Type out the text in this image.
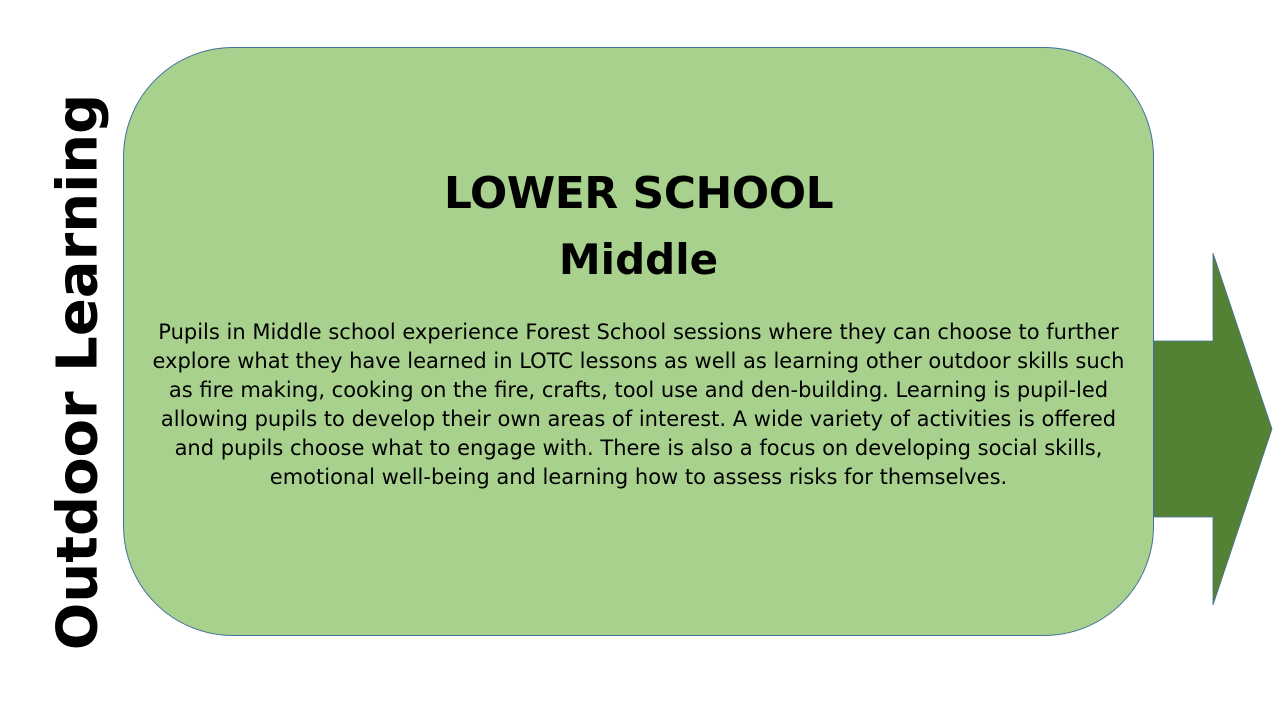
Outdoor Learning	LOWER SCHOOL
Middle
Pupils in Middle school experience Forest School sessions where they can choose to further explore what they have learned in LOTC lessons as well as learning other outdoor skills such as fire making, cooking on the fire, crafts, tool use and den-building. Learning is pupil-led allowing pupils to develop their own areas of interest. A wide variety of activities is offered and pupils choose what to engage with. There is also a focus on developing social skills, emotional well-being and learning how to assess risks for themselves.
